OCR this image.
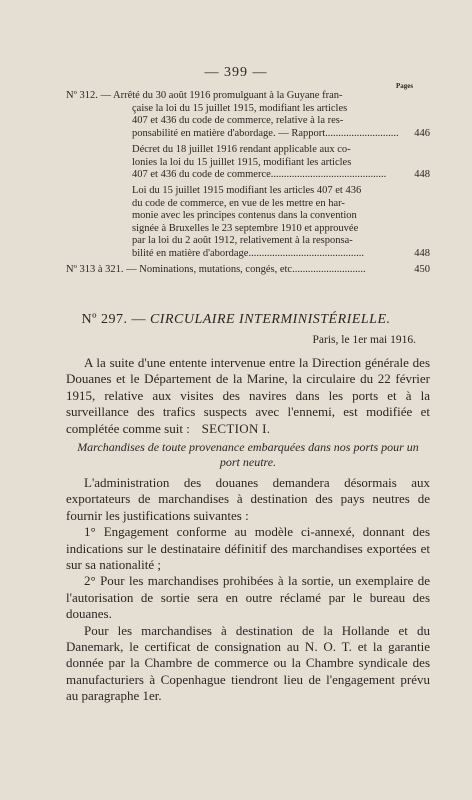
— 399 —
Pages
Nº 312. — Arrêté du 30 août 1916 promulguant à la Guyane fran-
çaise la loi du 15 juillet 1915, modifiant les articles
407 et 436 du code de commerce, relative à la res-
ponsabilité en matière d'abordage. — Rapport ............................	446
Décret du 18 juillet 1916 rendant applicable aux co-
lonies la loi du 15 juillet 1915, modifiant les articles
407 et 436 du code de commerce ............................................	448
Loi du 15 juillet 1915 modifiant les articles 407 et 436
du code de commerce, en vue de les mettre en har-
monie avec les principes contenus dans la convention
signée à Bruxelles le 23 septembre 1910 et approuvée
par la loi du 2 août 1912, relativement à la responsa-
bilité en matière d'abordage ............................................	448
Nº 313 à 321. — Nominations, mutations, congés, etc ............................	450
Nº 297. — CIRCULAIRE INTERMINISTÉRIELLE.
Paris, le 1er mai 1916.

A la suite d'une entente intervenue entre la Direction générale des Douanes et le Département de la Marine, la circulaire du 22 février 1915, relative aux visites des navires dans les ports et à la surveillance des trafics suspects avec l'ennemi, est modifiée et complétée comme suit : SECTION I.
Marchandises de toute provenance embarquées dans nos ports pour un port neutre.

L'administration des douanes demandera désormais aux exportateurs de marchandises à destination des pays neutres de fournir les justifications suivantes :

1° Engagement conforme au modèle ci-annexé, donnant des indications sur le destinataire définitif des marchandises exportées et sur sa nationalité ;

2° Pour les marchandises prohibées à la sortie, un exemplaire de l'autorisation de sortie sera en outre réclamé par le bureau des douanes.

Pour les marchandises à destination de la Hollande et du Danemark, le certificat de consignation au N. O. T. et la garantie donnée par la Chambre de commerce ou la Chambre syndicale des manufacturiers à Copenhague tiendront lieu de l'engagement prévu au paragraphe 1er.
